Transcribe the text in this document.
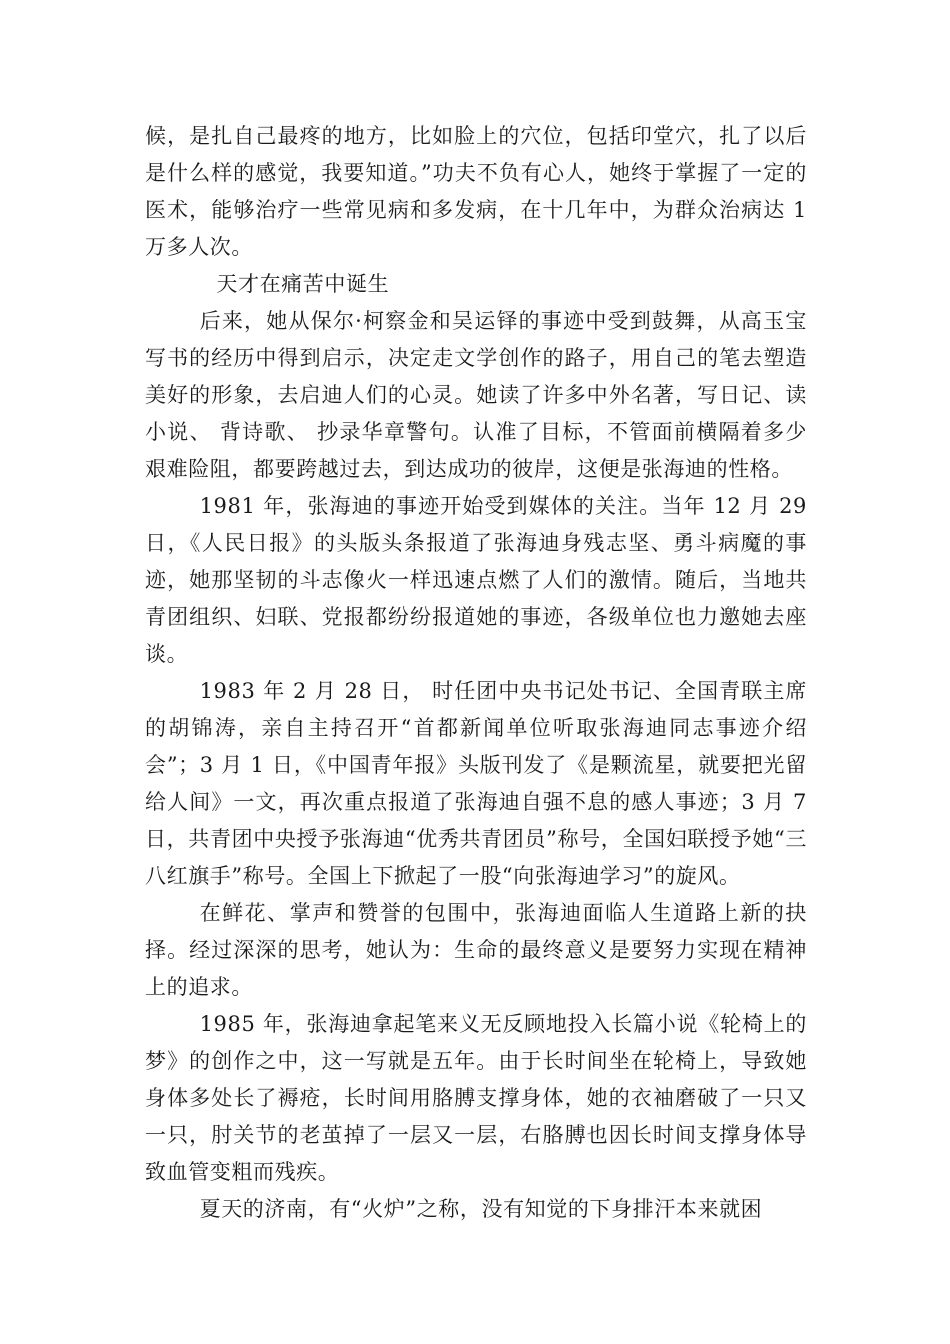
候，是扎自己最疼的地方，比如脸上的穴位，包括印堂穴，扎了以后是什么样的感觉，我要知道。”功夫不负有心人，她终于掌握了一定的医术，能够治疗一些常见病和多发病，在十几年中，为群众治病达 1 万多人次。

天才在痛苦中诞生

后来，她从保尔·柯察金和吴运铎的事迹中受到鼓舞，从高玉宝写书的经历中得到启示，决定走文学创作的路子，用自己的笔去塑造美好的形象，去启迪人们的心灵。她读了许多中外名著，写日记、读小说、 背诗歌、 抄录华章警句。认准了目标，不管面前横隔着多少艰难险阻，都要跨越过去，到达成功的彼岸，这便是张海迪的性格。

1981 年，张海迪的事迹开始受到媒体的关注。当年 12 月 29 日，《人民日报》的头版头条报道了张海迪身残志坚、勇斗病魔的事迹，她那坚韧的斗志像火一样迅速点燃了人们的激情。随后，当地共青团组织、妇联、党报都纷纷报道她的事迹，各级单位也力邀她去座谈。

1983 年 2 月 28 日， 时任团中央书记处书记、全国青联主席的胡锦涛，亲自主持召开“首都新闻单位听取张海迪同志事迹介绍会”；3 月 1 日，《中国青年报》头版刊发了《是颗流星，就要把光留给人间》一文，再次重点报道了张海迪自强不息的感人事迹；3 月 7 日，共青团中央授予张海迪“优秀共青团员”称号，全国妇联授予她“三八红旗手”称号。全国上下掀起了一股“向张海迪学习”的旋风。

在鲜花、掌声和赞誉的包围中，张海迪面临人生道路上新的抉择。经过深深的思考，她认为：生命的最终意义是要努力实现在精神上的追求。

1985 年，张海迪拿起笔来义无反顾地投入长篇小说《轮椅上的梦》的创作之中，这一写就是五年。由于长时间坐在轮椅上，导致她身体多处长了褥疮，长时间用胳膊支撑身体，她的衣袖磨破了一只又一只，肘关节的老茧掉了一层又一层，右胳膊也因长时间支撑身体导致血管变粗而残疾。

夏天的济南，有“火炉”之称，没有知觉的下身排汗本来就困
